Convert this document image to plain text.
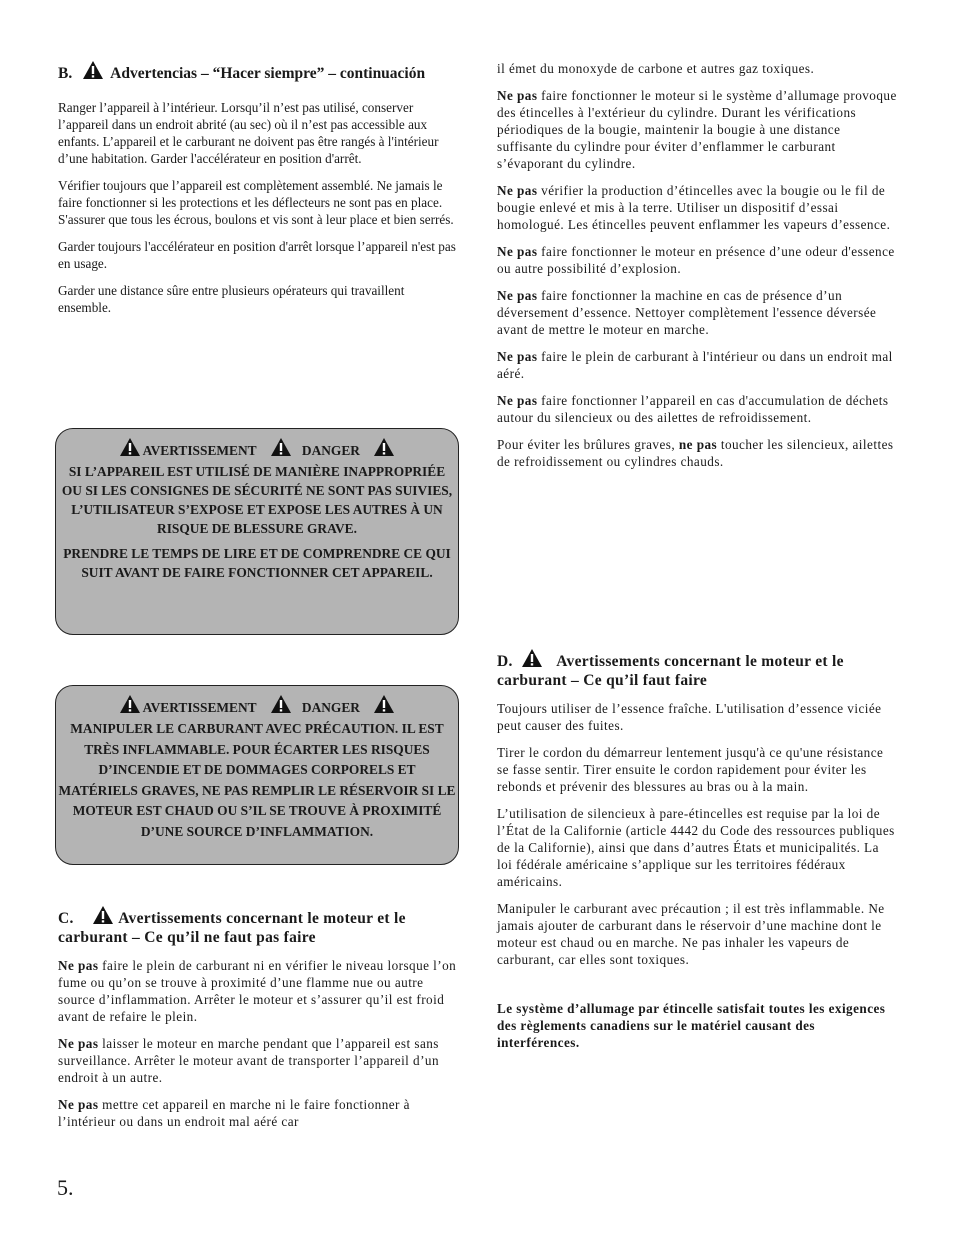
B. Advertencias – “Hacer siempre” – continuación

Ranger l’appareil à l’intérieur. Lorsqu’il n’est pas utilisé, conserver l’appareil dans un endroit abrité (au sec) où il n’est pas accessible aux enfants. L’appareil et le carburant ne doivent pas être rangés à l'intérieur d’une habitation. Garder l'accélérateur en position d'arrêt.

Vérifier toujours que l’appareil est complètement assemblé. Ne jamais le faire fonctionner si les protections et les déflecteurs ne sont pas en place. S'assurer que tous les écrous, boulons et vis sont à leur place et bien serrés.

Garder toujours l'accélérateur en position d'arrêt lorsque l’appareil n'est pas en usage.

Garder une distance sûre entre plusieurs opérateurs qui travaillent ensemble.

AVERTISSEMENT	DANGER

SI L’APPAREIL EST UTILISÉ DE MANIÈRE INAPPROPRIÉE OU SI LES CONSIGNES DE SÉCURITÉ NE SONT PAS SUIVIES, L’UTILISATEUR S’EXPOSE ET EXPOSE LES AUTRES À UN RISQUE DE BLESSURE GRAVE.

PRENDRE LE TEMPS DE LIRE ET DE COMPRENDRE CE QUI SUIT AVANT DE FAIRE FONCTIONNER CET APPAREIL.

AVERTISSEMENT	DANGER

MANIPULER LE CARBURANT AVEC PRÉCAUTION. IL EST TRÈS INFLAMMABLE. POUR ÉCARTER LES RISQUES D’INCENDIE ET DE DOMMAGES CORPORELS ET MATÉRIELS GRAVES, NE PAS REMPLIR LE RÉSERVOIR SI LE MOTEUR EST CHAUD OU S’IL SE TROUVE À PROXIMITÉ D’UNE SOURCE D’INFLAMMATION.

C.	Avertissements concernant le moteur et le carburant – Ce qu’il ne faut pas faire

Ne pas faire le plein de carburant ni en vérifier le niveau lorsque l’on fume ou qu’on se trouve à proximité d’une flamme nue ou autre source d’inflammation. Arrêter le moteur et s’assurer qu’il est froid avant de refaire le plein.

Ne pas laisser le moteur en marche pendant que l’appareil est sans surveillance. Arrêter le moteur avant de transporter l’appareil d’un endroit à un autre.

Ne pas mettre cet appareil en marche ni le faire fonctionner à l’intérieur ou dans un endroit mal aéré car

il émet du monoxyde de carbone et autres gaz toxiques.

Ne pas faire fonctionner le moteur si le système d’allumage provoque des étincelles à l'extérieur du cylindre. Durant les vérifications périodiques de la bougie, maintenir la bougie à une distance suffisante du cylindre pour éviter d’enflammer le carburant s’évaporant du cylindre.

Ne pas vérifier la production d’étincelles avec la bougie ou le fil de bougie enlevé et mis à la terre. Utiliser un dispositif d’essai homologué. Les étincelles peuvent enflammer les vapeurs d’essence.

Ne pas faire fonctionner le moteur en présence d’une odeur d'essence ou autre possibilité d’explosion.

Ne pas faire fonctionner la machine en cas de présence d’un déversement d’essence. Nettoyer complètement l'essence déversée avant de mettre le moteur en marche.

Ne pas faire le plein de carburant à l'intérieur ou dans un endroit mal aéré.

Ne pas faire fonctionner l’appareil en cas d'accumulation de déchets autour du silencieux ou des ailettes de refroidissement.

Pour éviter les brûlures graves, ne pas toucher les silencieux, ailettes de refroidissement ou cylindres chauds.

D.	Avertissements concernant le moteur et le carburant – Ce qu’il faut faire

Toujours utiliser de l’essence fraîche. L'utilisation d’essence viciée peut causer des fuites.

Tirer le cordon du démarreur lentement jusqu'à ce qu'une résistance se fasse sentir. Tirer ensuite le cordon rapidement pour éviter les rebonds et prévenir des blessures au bras ou à la main.

L’utilisation de silencieux à pare-étincelles est requise par la loi de l’État de la Californie (article 4442 du Code des ressources publiques de la Californie), ainsi que dans d’autres États et municipalités. La loi fédérale américaine s’applique sur les territoires fédéraux américains.

Manipuler le carburant avec précaution ; il est très inflammable. Ne jamais ajouter de carburant dans le réservoir d’une machine dont le moteur est chaud ou en marche. Ne pas inhaler les vapeurs de carburant, car elles sont toxiques.

Le système d’allumage par étincelle satisfait toutes les exigences des règlements canadiens sur le matériel causant des interférences.

5.
